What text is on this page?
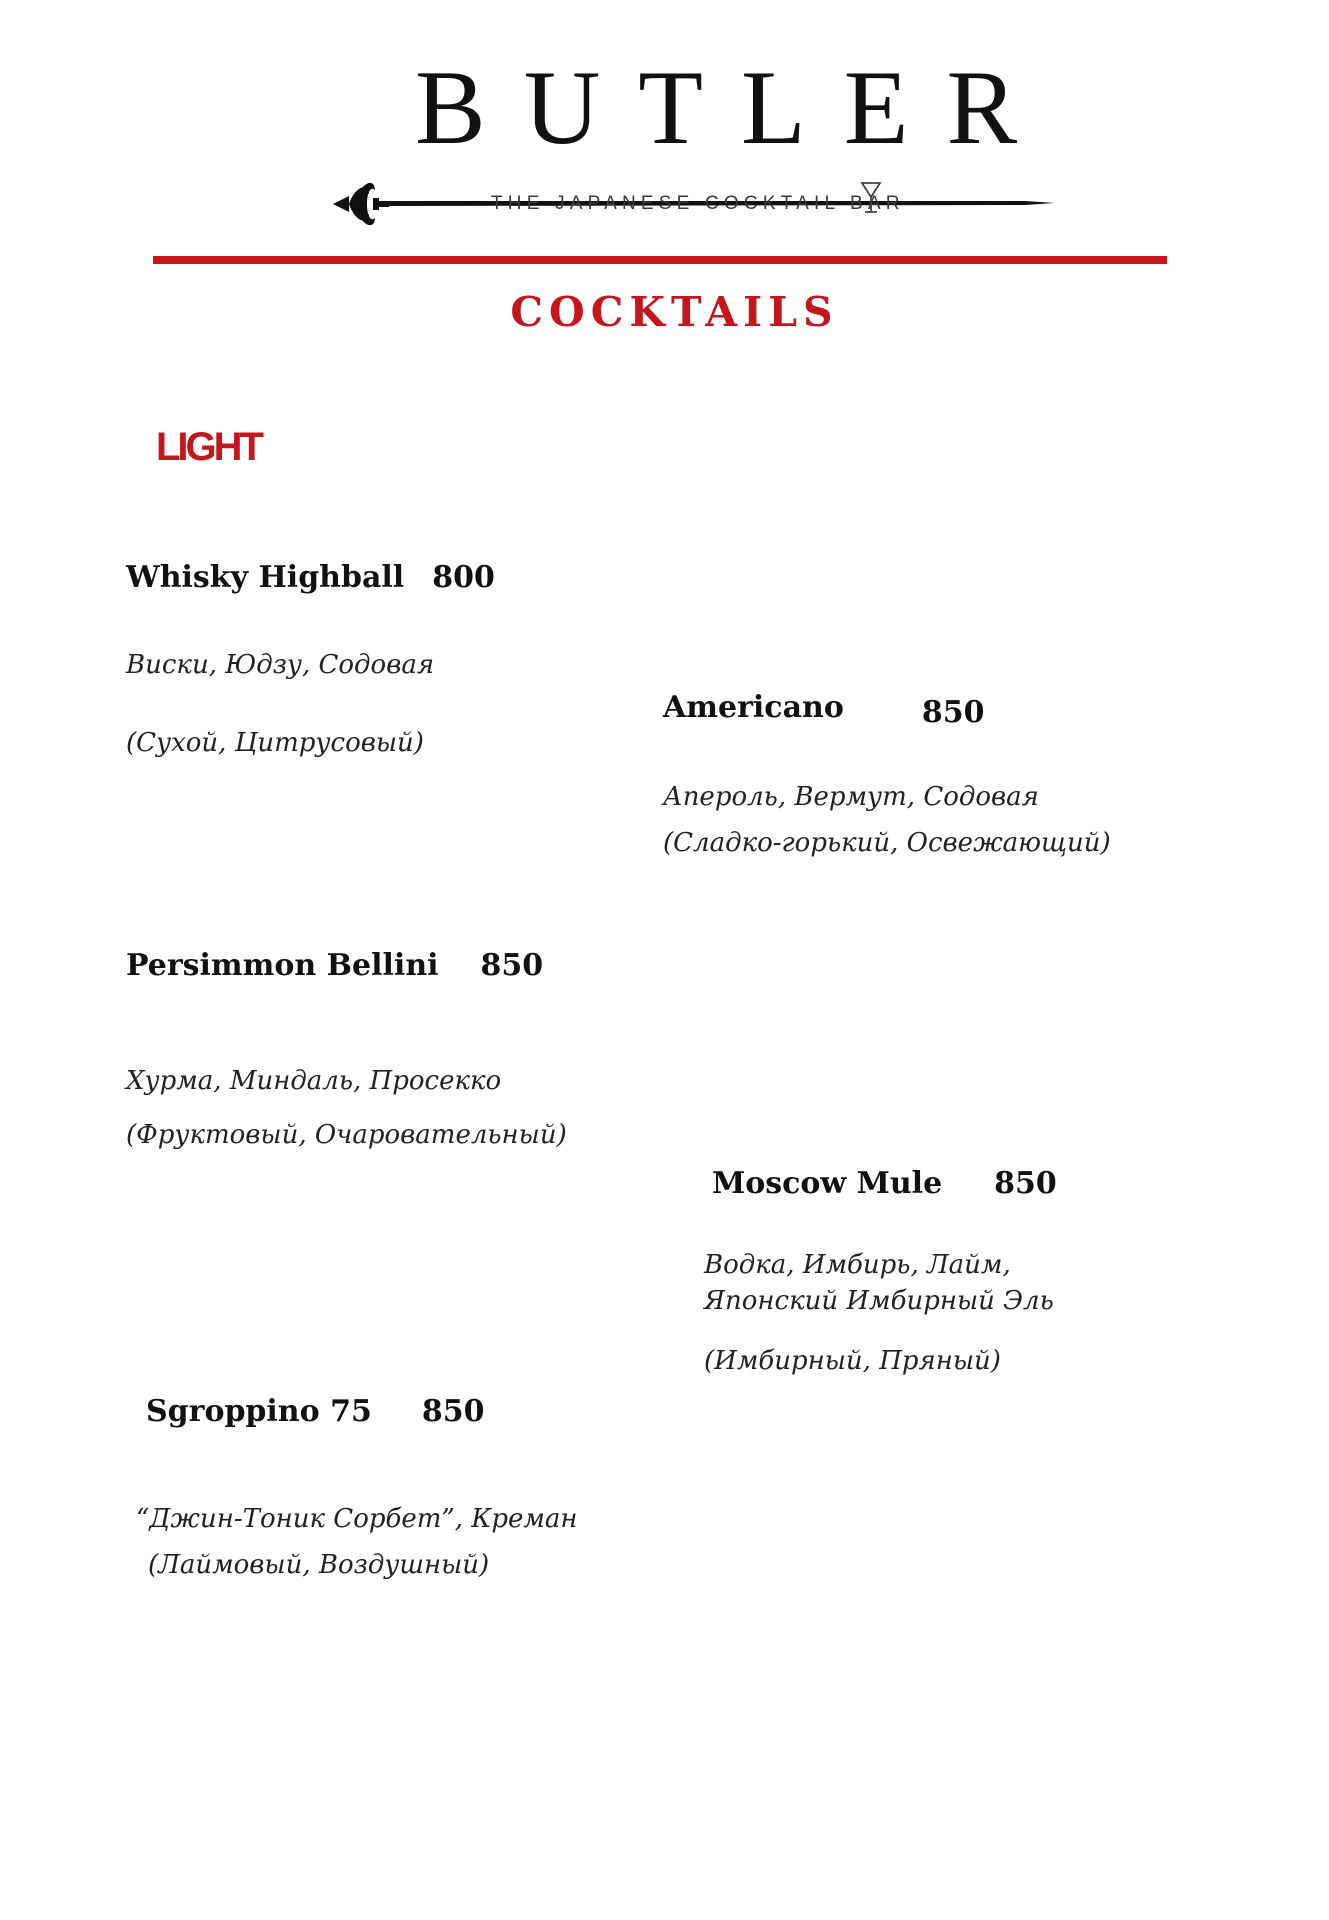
BUTLER
THE JAPANESE COCKTAIL BAR
COCKTAILS
LIGHT
Whisky Highball 800
Виски, Юдзу, Содовая
(Сухой, Цитрусовый)
Americano	850
Апероль, Вермут, Содовая
(Сладко-горький, Освежающий)
Persimmon Bellini 850
Хурма, Миндаль, Просекко
(Фруктовый, Очаровательный)
Moscow Mule 850
Водка, Имбирь, Лайм,
Японский Имбирный Эль
(Имбирный, Пряный)
Sgroppino 75 850
“Джин-Тоник Сорбет”, Креман
(Лаймовый, Воздушный)
